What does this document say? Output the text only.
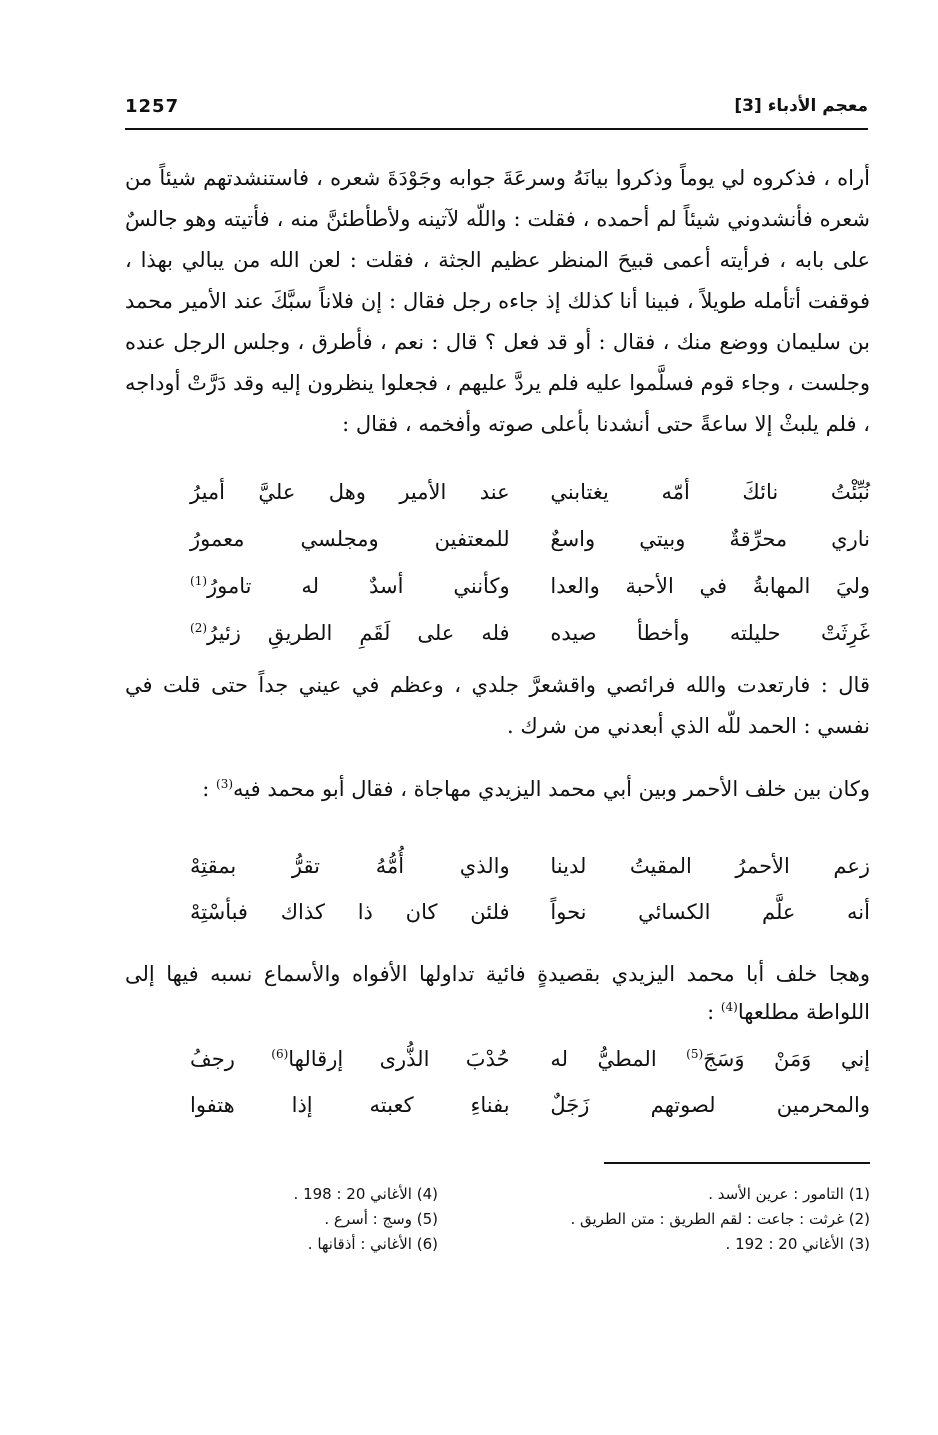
معجم الأدباء [3]
1257

أراه ، فذكروه لي يوماً وذكروا بيانَهُ وسرعَةَ جوابه وجَوْدَةَ شعره ، فاستنشدتهم شيئاً من شعره فأنشدوني شيئاً لم أحمده ، فقلت : واللّه لآتينه ولأطأطئنَّ منه ، فأتيته وهو جالسٌ على بابه ، فرأيته أعمى قبيحَ المنظر عظيم الجثة ، فقلت : لعن الله من يبالي بهذا ، فوقفت أتأمله طويلاً ، فبينا أنا كذلك إذ جاءه رجل فقال : إن فلاناً سبَّكَ عند الأمير محمد بن سليمان ووضع منك ، فقال : أو قد فعل ؟ قال : نعم ، فأطرق ، وجلس الرجل عنده وجلست ، وجاء قوم فسلَّموا عليه فلم يردَّ عليهم ، فجعلوا ينظرون إليه وقد دَرَّتْ أوداجه ، فلم يلبثْ إلا ساعةً حتى أنشدنا بأعلى صوته وأفخمه ، فقال :

نُبِّئْتُ نائكَ أمّه يغتابني
عند الأمير وهل عليَّ أميرُ
ناري محرِّقةٌ وبيتي واسعٌ
للمعتفين ومجلسي معمورُ
وليَ المهابةُ في الأحبة والعدا
وكأنني أسدٌ له تامورُ$^{(1)}$
غَرِثَتْ حليلته وأخطأ صيده
فله على لَقَمِ الطريقِ زئيرُ$^{(2)}$

قال : فارتعدت والله فرائصي واقشعرَّ جلدي ، وعظم في عيني جداً حتى قلت في نفسي : الحمد للّه الذي أبعدني من شرك .

وكان بين خلف الأحمر وبين أبي محمد اليزيدي مهاجاة ، فقال أبو محمد فيه$^{(3)}$ :

زعم الأحمرُ المقيتُ لدينا
والذي أُمُّهُ تقرُّ بمقتِهْ
أنه علَّم الكسائي نحواً
فلئن كان ذا كذاك فبأسْتِهْ

وهجا خلف أبا محمد اليزيدي بقصيدةٍ فائية تداولها الأفواه والأسماع نسبه فيها إلى اللواطة مطلعها$^{(4)}$ :

إني وَمَنْ وَسَجَ$^{(5)}$ المطيُّ له
حُدْبَ الذُّرى إرقالها$^{(6)}$ رجفُ
والمحرمين لصوتهم زَجَلٌ
بفناءِ كعبته إذا هتفوا
(1) التامور : عرين الأسد .
(2) غرثت : جاعت : لقم الطريق : متن الطريق .
(3) الأغاني 20 : 192 .
(4) الأغاني 20 : 198 .
(5) وسج : أسرع .
(6) الأغاني : أذقانها .
